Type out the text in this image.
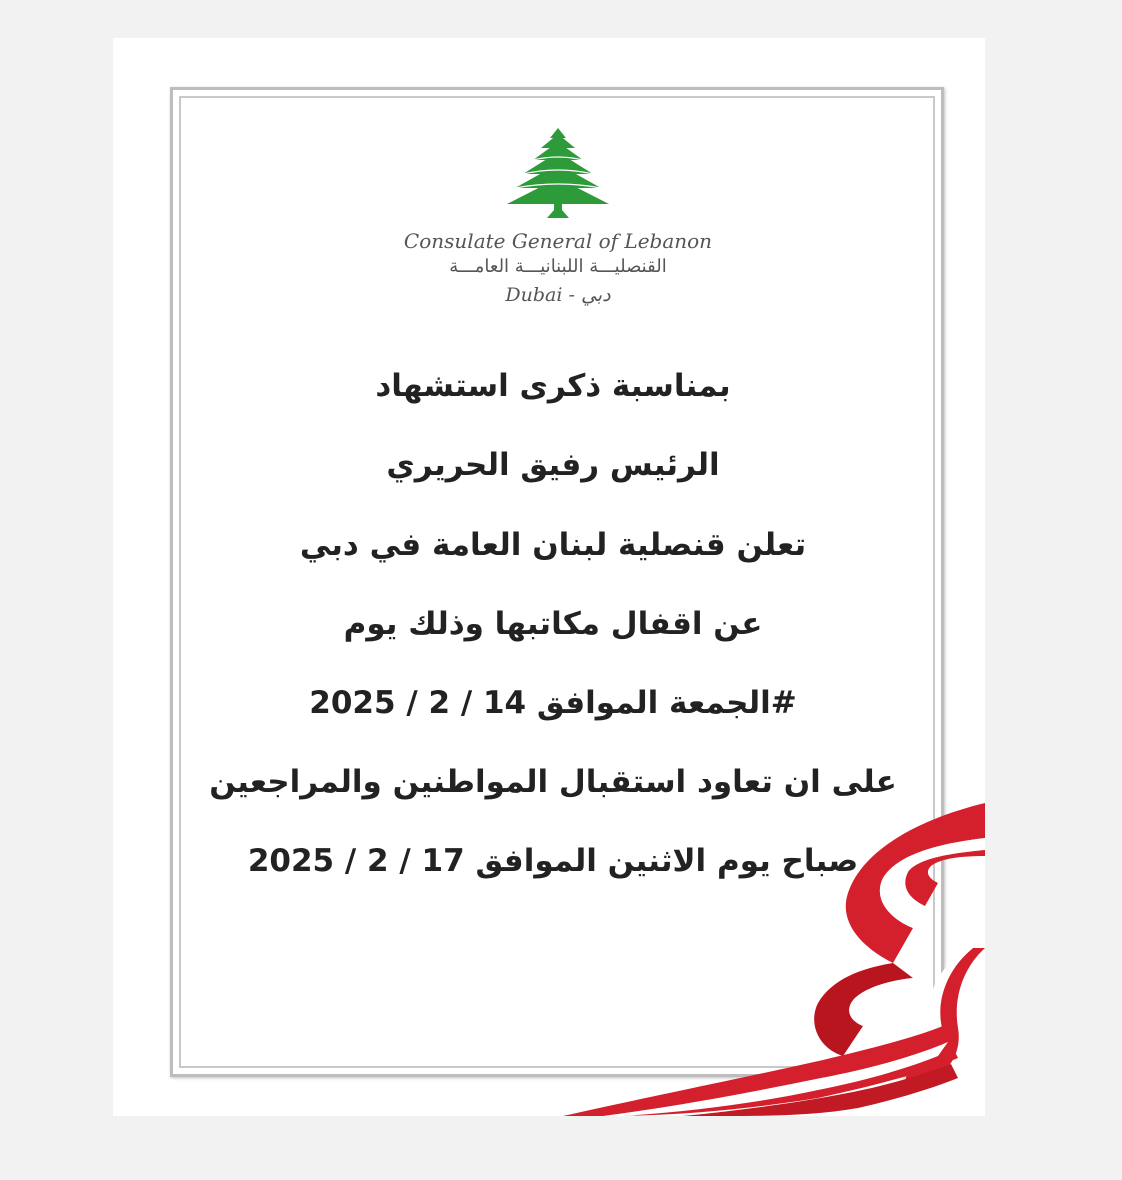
Consulate General of Lebanon
القنصليـــة اللبنانيـــة العامـــة
Dubai - دبي
بمناسبة ذكرى استشهاد
الرئيس رفيق الحريري
تعلن قنصلية لبنان العامة في دبي
عن اقفال مكاتبها وذلك يوم
#الجمعة الموافق 14 / 2 / 2025
على ان تعاود استقبال المواطنين والمراجعين
صباح يوم الاثنين الموافق 17 / 2 / 2025
